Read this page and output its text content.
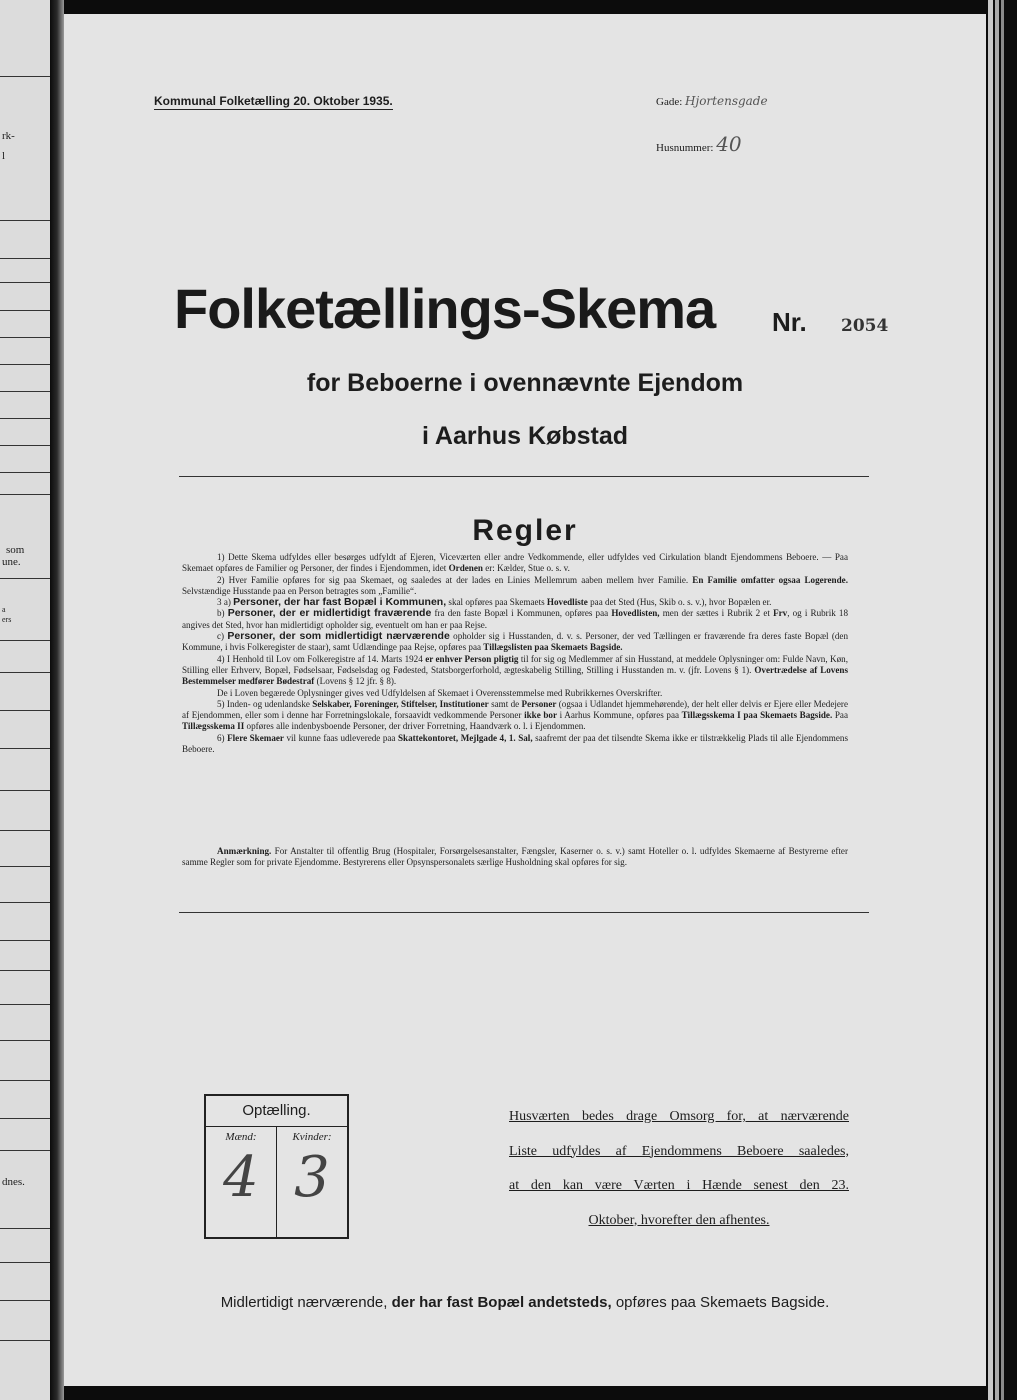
rk-
l
som
une.
a
ers
dnes.
Kommunal Folketælling 20. Oktober 1935.	Gade: Hjortensgade
Husnummer: 40
Folketællings-Skema Nr. 2054
for Beboerne i ovennævnte Ejendom
i Aarhus Købstad
Regler

1) Dette Skema udfyldes eller besørges udfyldt af Ejeren, Viceværten eller andre Vedkommende, eller udfyldes ved Cirkulation blandt Ejendommens Beboere. — Paa Skemaet opføres de Familier og Personer, der findes i Ejendommen, idet Ordenen er: Kælder, Stue o. s. v.

2) Hver Familie opføres for sig paa Skemaet, og saaledes at der lades en Linies Mellemrum aaben mellem hver Familie. En Familie omfatter ogsaa Logerende. Selvstændige Husstande paa en Person betragtes som „Familie“.

3 a) Personer, der har fast Bopæl i Kommunen, skal opføres paa Skemaets Hovedliste paa det Sted (Hus, Skib o. s. v.), hvor Bopælen er.

b) Personer, der er midlertidigt fraværende fra den faste Bopæl i Kommunen, opføres paa Hovedlisten, men der sættes i Rubrik 2 et Frv, og i Rubrik 18 angives det Sted, hvor han midlertidigt opholder sig, eventuelt om han er paa Rejse.

c) Personer, der som midlertidigt nærværende opholder sig i Husstanden, d. v. s. Personer, der ved Tællingen er fraværende fra deres faste Bopæl (den Kommune, i hvis Folkeregister de staar), samt Udlændinge paa Rejse, opføres paa Tillægslisten paa Skemaets Bagside.

4) I Henhold til Lov om Folkeregistre af 14. Marts 1924 er enhver Person pligtig til for sig og Medlemmer af sin Husstand, at meddele Oplysninger om: Fulde Navn, Køn, Stilling eller Erhverv, Bopæl, Fødselsaar, Fødselsdag og Fødested, Statsborgerforhold, ægteskabelig Stilling, Stilling i Husstanden m. v. (jfr. Lovens § 1). Overtrædelse af Lovens Bestemmelser medfører Bødestraf (Lovens § 12 jfr. § 8).

De i Loven begærede Oplysninger gives ved Udfyldelsen af Skemaet i Overensstemmelse med Rubrikkernes Overskrifter.

5) Inden- og udenlandske Selskaber, Foreninger, Stiftelser, Institutioner samt de Personer (ogsaa i Udlandet hjemmehørende), der helt eller delvis er Ejere eller Medejere af Ejendommen, eller som i denne har Forretningslokale, forsaavidt vedkommende Personer ikke bor i Aarhus Kommune, opføres paa Tillægsskema I paa Skemaets Bagside. Paa Tillægsskema II opføres alle indenbysboende Personer, der driver Forretning, Haandværk o. l. i Ejendommen.

6) Flere Skemaer vil kunne faas udleverede paa Skattekontoret, Mejlgade 4, 1. Sal, saafremt der paa det tilsendte Skema ikke er tilstrækkelig Plads til alle Ejendommens Beboere.

Anmærkning. For Anstalter til offentlig Brug (Hospitaler, Forsørgelsesanstalter, Fængsler, Kaserner o. s. v.) samt Hoteller o. l. udfyldes Skemaerne af Bestyrerne efter samme Regler som for private Ejendomme. Bestyrerens eller Opsynspersonalets særlige Husholdning skal opføres for sig.

Optælling.
Mænd:
4
Kvinder:
3
Husværten bedes drage Omsorg for, at nærværende
Liste udfyldes af Ejendommens Beboere saaledes,
at den kan være Værten i Hænde senest den 23.
Oktober, hvorefter den afhentes.
Midlertidigt nærværende, der har fast Bopæl andetsteds, opføres paa Skemaets Bagside.
